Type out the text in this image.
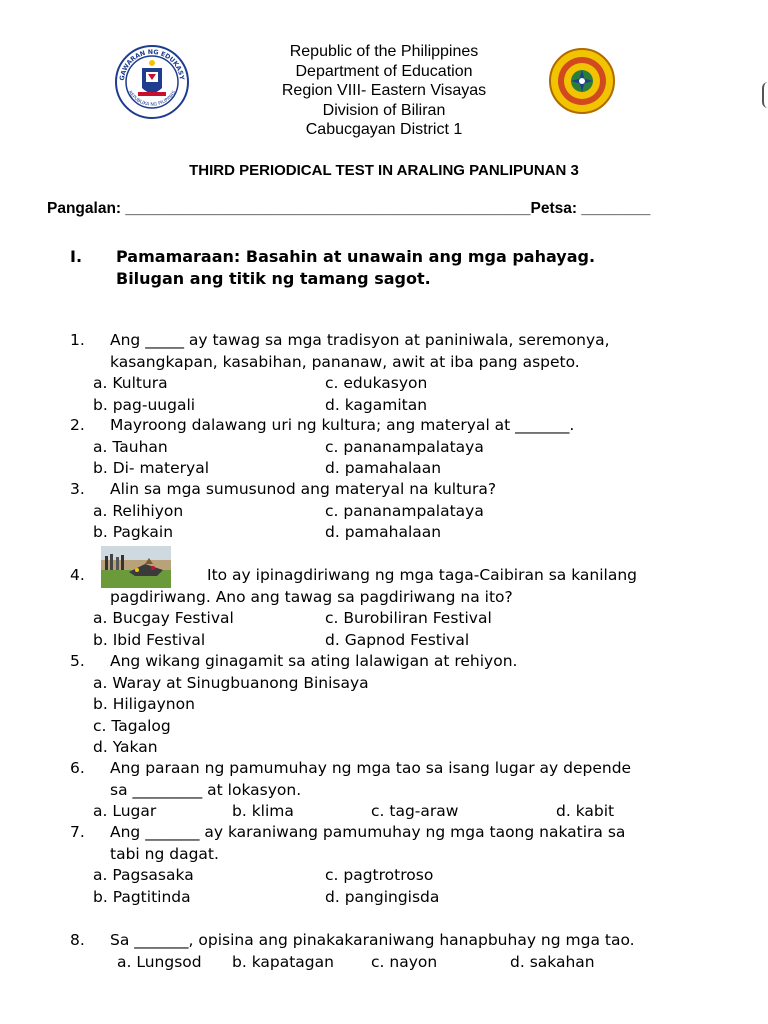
GAWARAN NG EDUKASY
REPUBLIKA NG PILIPINAS
Republic of the Philippines
Department of Education
Region VIII- Eastern Visayas
Division of Biliran
Cabucgayan District 1
THIRD PERIODICAL TEST IN ARALING PANLIPUNAN 3
Pangalan: _______________________________________________Petsa: ________
I. Pamamaraan: Basahin at unawain ang mga pahayag.
Bilugan ang titik ng tamang sagot.
1. Ang _____ ay tawag sa mga tradisyon at paniniwala, seremonya,
kasangkapan, kasabihan, pananaw, awit at iba pang aspeto.
a. Kultura	c. edukasyon
b. pag-uugali	d. kagamitan
2. Mayroong dalawang uri ng kultura; ang materyal at _______.
a. Tauhan	c. pananampalataya
b. Di- materyal	d. pamahalaan
3. Alin sa mga sumusunod ang materyal na kultura?
a. Relihiyon	c. pananampalataya
b. Pagkain	d. pamahalaan
4.	Ito ay ipinagdiriwang ng mga taga-Caibiran sa kanilang
pagdiriwang. Ano ang tawag sa pagdiriwang na ito?
a. Bucgay Festival	c. Burobiliran Festival
b. Ibid Festival	d. Gapnod Festival
5. Ang wikang ginagamit sa ating lalawigan at rehiyon.
a. Waray at Sinugbuanong Binisaya
b. Hiligaynon
c. Tagalog
d. Yakan
6. Ang paraan ng pamumuhay ng mga tao sa isang lugar ay depende
sa _________ at lokasyon.
a. Lugar	b. klima	c. tag-araw	d. kabit
7. Ang _______ ay karaniwang pamumuhay ng mga taong nakatira sa
tabi ng dagat.
a. Pagsasaka	c. pagtrotroso
b. Pagtitinda	d. pangingisda
8. Sa _______, opisina ang pinakakaraniwang hanapbuhay ng mga tao.
a. Lungsod b. kapatagan c. nayon	d. sakahan
